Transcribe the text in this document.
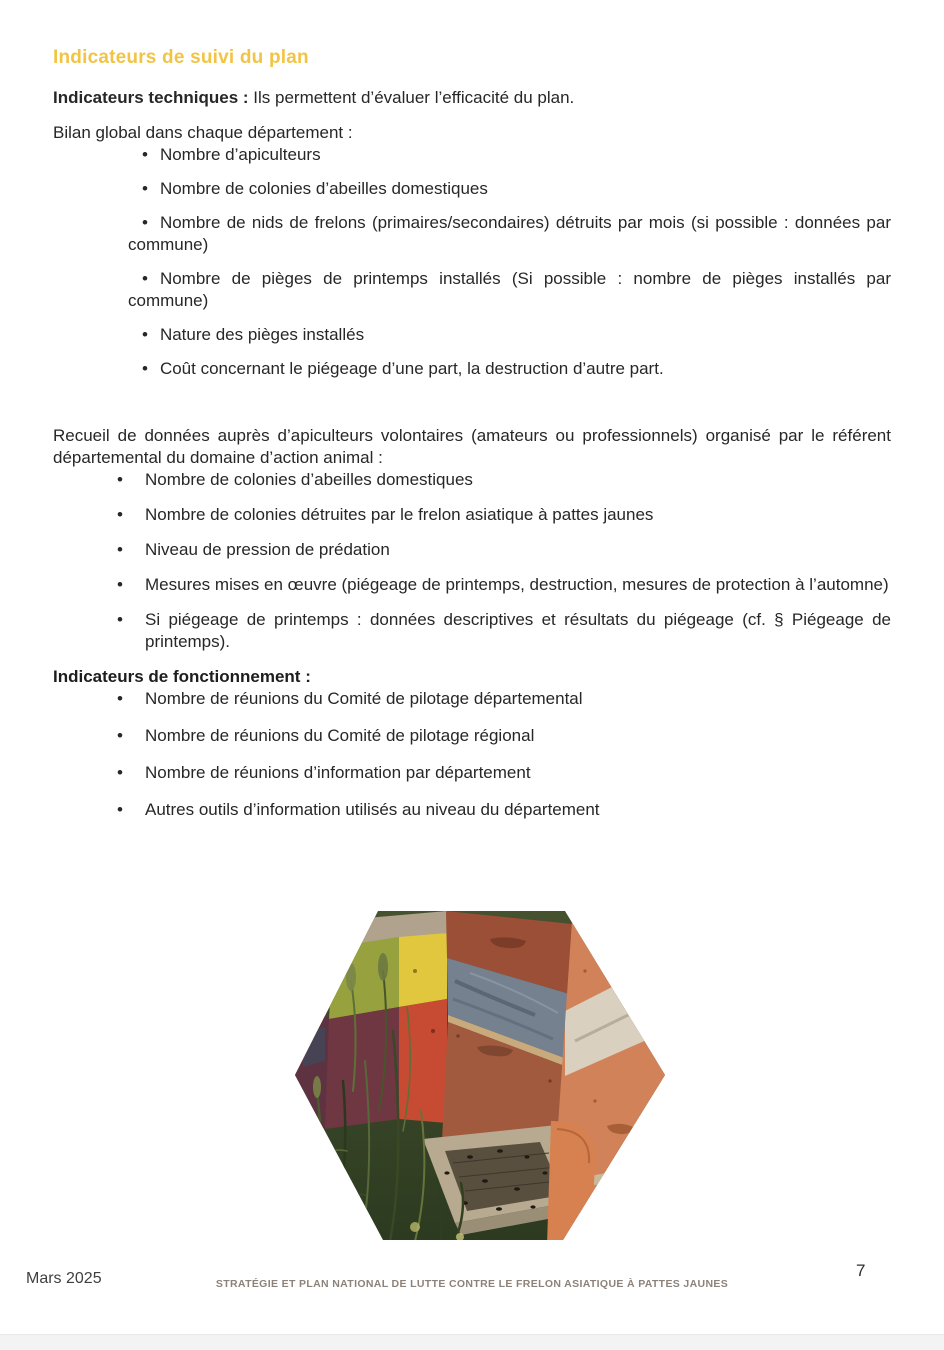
Indicateurs de suivi du plan

Indicateurs techniques : Ils permettent d’évaluer l’efficacité du plan.

Bilan global dans chaque département :

• Nombre d’apiculteurs
• Nombre de colonies d’abeilles domestiques
• Nombre de nids de frelons (primaires/secondaires) détruits par mois (si possible : données par commune)
• Nombre de pièges de printemps installés (Si possible : nombre de pièges installés par commune)
• Nature des pièges installés
• Coût concernant le piégeage d’une part, la destruction d’autre part.

Recueil de données auprès d’apiculteurs volontaires (amateurs ou professionnels) organisé par le référent départemental du domaine d’action animal :

• Nombre de colonies d’abeilles domestiques
• Nombre de colonies détruites par le frelon asiatique à pattes jaunes
• Niveau de pression de prédation
• Mesures mises en œuvre (piégeage de printemps, destruction, mesures de protection à l’automne)
• Si piégeage de printemps : données descriptives et résultats du piégeage (cf. § Piégeage de printemps).
Indicateurs de fonctionnement :
• Nombre de réunions du Comité de pilotage départemental
• Nombre de réunions du Comité de pilotage régional
• Nombre de réunions d’information par département
• Autres outils d’information utilisés au niveau du département
Mars 2025	STRATÉGIE ET PLAN NATIONAL DE LUTTE CONTRE LE FRELON ASIATIQUE À PATTES JAUNES
7
